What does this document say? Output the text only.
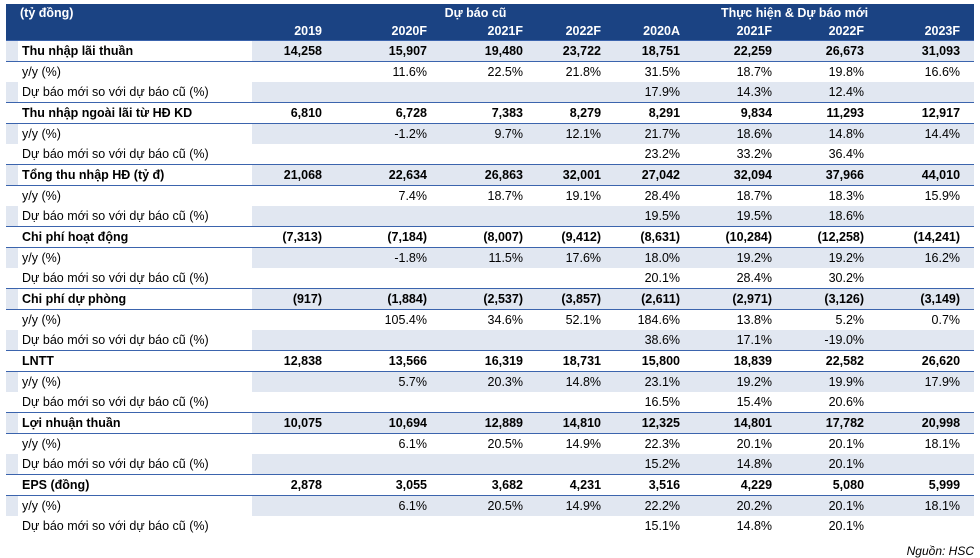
(tỷ đồng)		Dự báo cũ			Thực hiện & Dự báo mới			
	2019	2020F	2021F	2022F	2020A	2021F	2022F	2023F
Thu nhập lãi thuần	14,258	15,907	19,480	23,722	18,751	22,259	26,673	31,093
y/y (%)		11.6%	22.5%	21.8%	31.5%	18.7%	19.8%	16.6%
Dự báo mới so với dự báo cũ (%)					17.9%	14.3%	12.4%	
Thu nhập ngoài lãi từ HĐ KD	6,810	6,728	7,383	8,279	8,291	9,834	11,293	12,917
y/y (%)		-1.2%	9.7%	12.1%	21.7%	18.6%	14.8%	14.4%
Dự báo mới so với dự báo cũ (%)					23.2%	33.2%	36.4%	
Tổng thu nhập HĐ (tỷ đ)	21,068	22,634	26,863	32,001	27,042	32,094	37,966	44,010
y/y (%)		7.4%	18.7%	19.1%	28.4%	18.7%	18.3%	15.9%
Dự báo mới so với dự báo cũ (%)					19.5%	19.5%	18.6%	
Chi phí hoạt động	(7,313)	(7,184)	(8,007)	(9,412)	(8,631)	(10,284)	(12,258)	(14,241)
y/y (%)		-1.8%	11.5%	17.6%	18.0%	19.2%	19.2%	16.2%
Dự báo mới so với dự báo cũ (%)					20.1%	28.4%	30.2%	
Chi phí dự phòng	(917)	(1,884)	(2,537)	(3,857)	(2,611)	(2,971)	(3,126)	(3,149)
y/y (%)		105.4%	34.6%	52.1%	184.6%	13.8%	5.2%	0.7%
Dự báo mới so với dự báo cũ (%)					38.6%	17.1%	-19.0%	
LNTT	12,838	13,566	16,319	18,731	15,800	18,839	22,582	26,620
y/y (%)		5.7%	20.3%	14.8%	23.1%	19.2%	19.9%	17.9%
Dự báo mới so với dự báo cũ (%)					16.5%	15.4%	20.6%	
Lợi nhuận thuần	10,075	10,694	12,889	14,810	12,325	14,801	17,782	20,998
y/y (%)		6.1%	20.5%	14.9%	22.3%	20.1%	20.1%	18.1%
Dự báo mới so với dự báo cũ (%)					15.2%	14.8%	20.1%	
EPS (đồng)	2,878	3,055	3,682	4,231	3,516	4,229	5,080	5,999
y/y (%)		6.1%	20.5%	14.9%	22.2%	20.2%	20.1%	18.1%
Dự báo mới so với dự báo cũ (%)					15.1%	14.8%	20.1%	
Nguồn: HSC
